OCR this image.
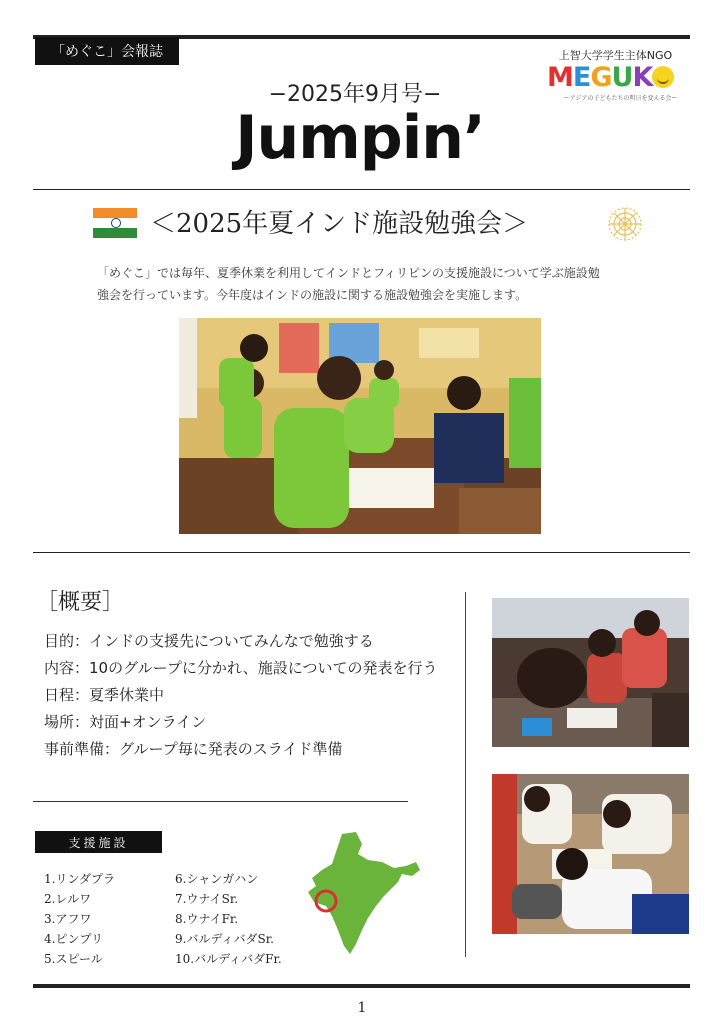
「めぐこ」会報誌	上智大学学生主体NGO
MEGUK
ーアジアの子どもたちの明日を変える会ー
−2025年9月号−
Jumpin’
＜2025年夏インド施設勉強会＞
「めぐこ」では毎年、夏季休業を利用してインドとフィリピンの支援施設について学ぶ施設勉
強会を行っています。今年度はインドの施設に関する施設勉強会を実施します。
［概要］
目的：インドの支援先についてみんなで勉強する
内容：10のグループに分かれ、施設についての発表を行う
日程：夏季休業中
場所：対面+オンライン
事前準備：グループ毎に発表のスライド準備
支援施設
1.リンダプラ
2.レルワ
3.アフワ
4.ピンプリ
5.スピール
6.シャンガハン
7.ウナイSr.
8.ウナイFr.
9.バルディバダSr.
10.バルディバダFr.
1
